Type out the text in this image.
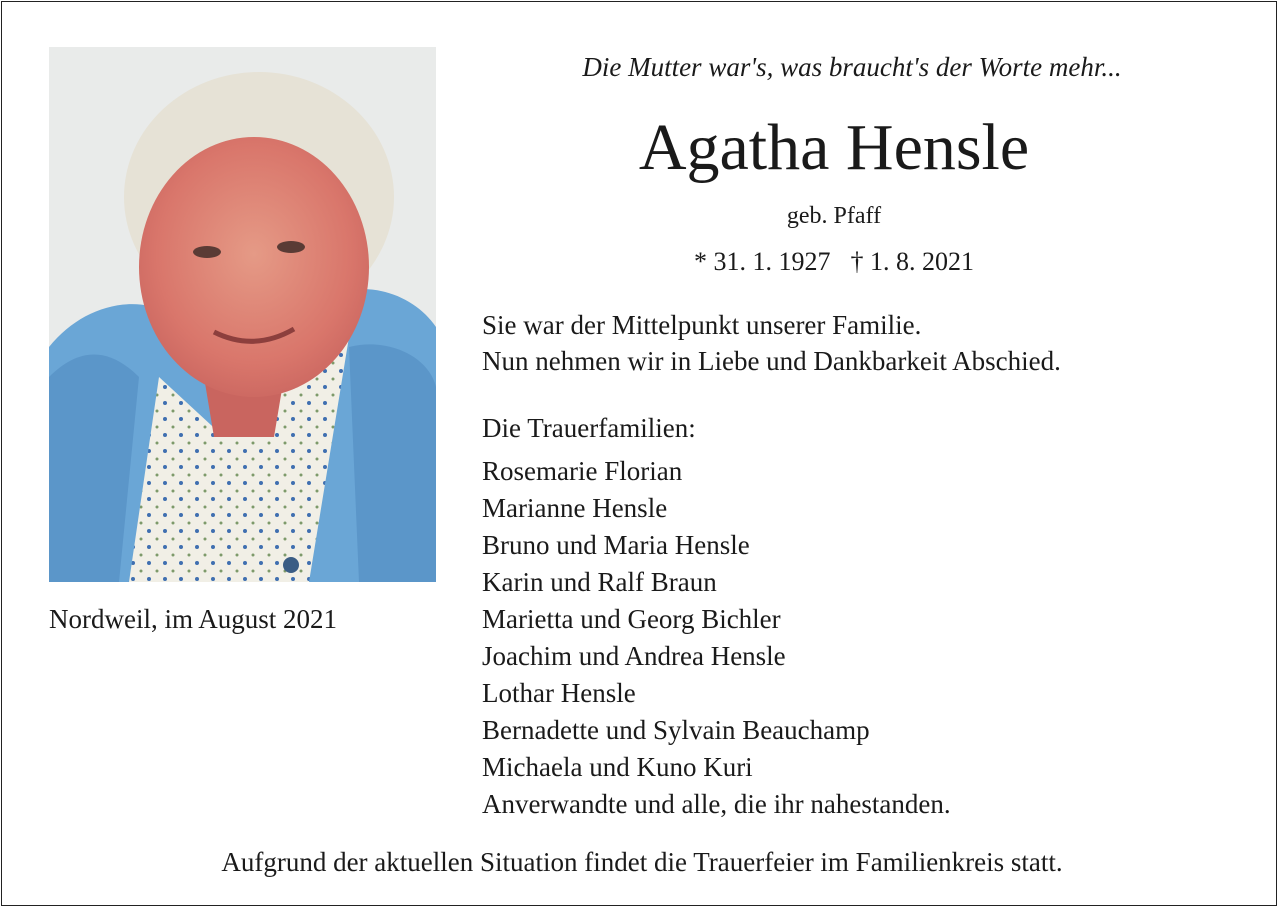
Nordweil, im August 2021
Die Mutter war's, was braucht's der Worte mehr...
Agatha Hensle
geb. Pfaff
* 31. 1. 1927 † 1. 8. 2021
Sie war der Mittelpunkt unserer Familie.
Nun nehmen wir in Liebe und Dankbarkeit Abschied.
Die Trauerfamilien:
Rosemarie Florian
Marianne Hensle
Bruno und Maria Hensle
Karin und Ralf Braun
Marietta und Georg Bichler
Joachim und Andrea Hensle
Lothar Hensle
Bernadette und Sylvain Beauchamp
Michaela und Kuno Kuri
Anverwandte und alle, die ihr nahestanden.
Aufgrund der aktuellen Situation findet die Trauerfeier im Familienkreis statt.
